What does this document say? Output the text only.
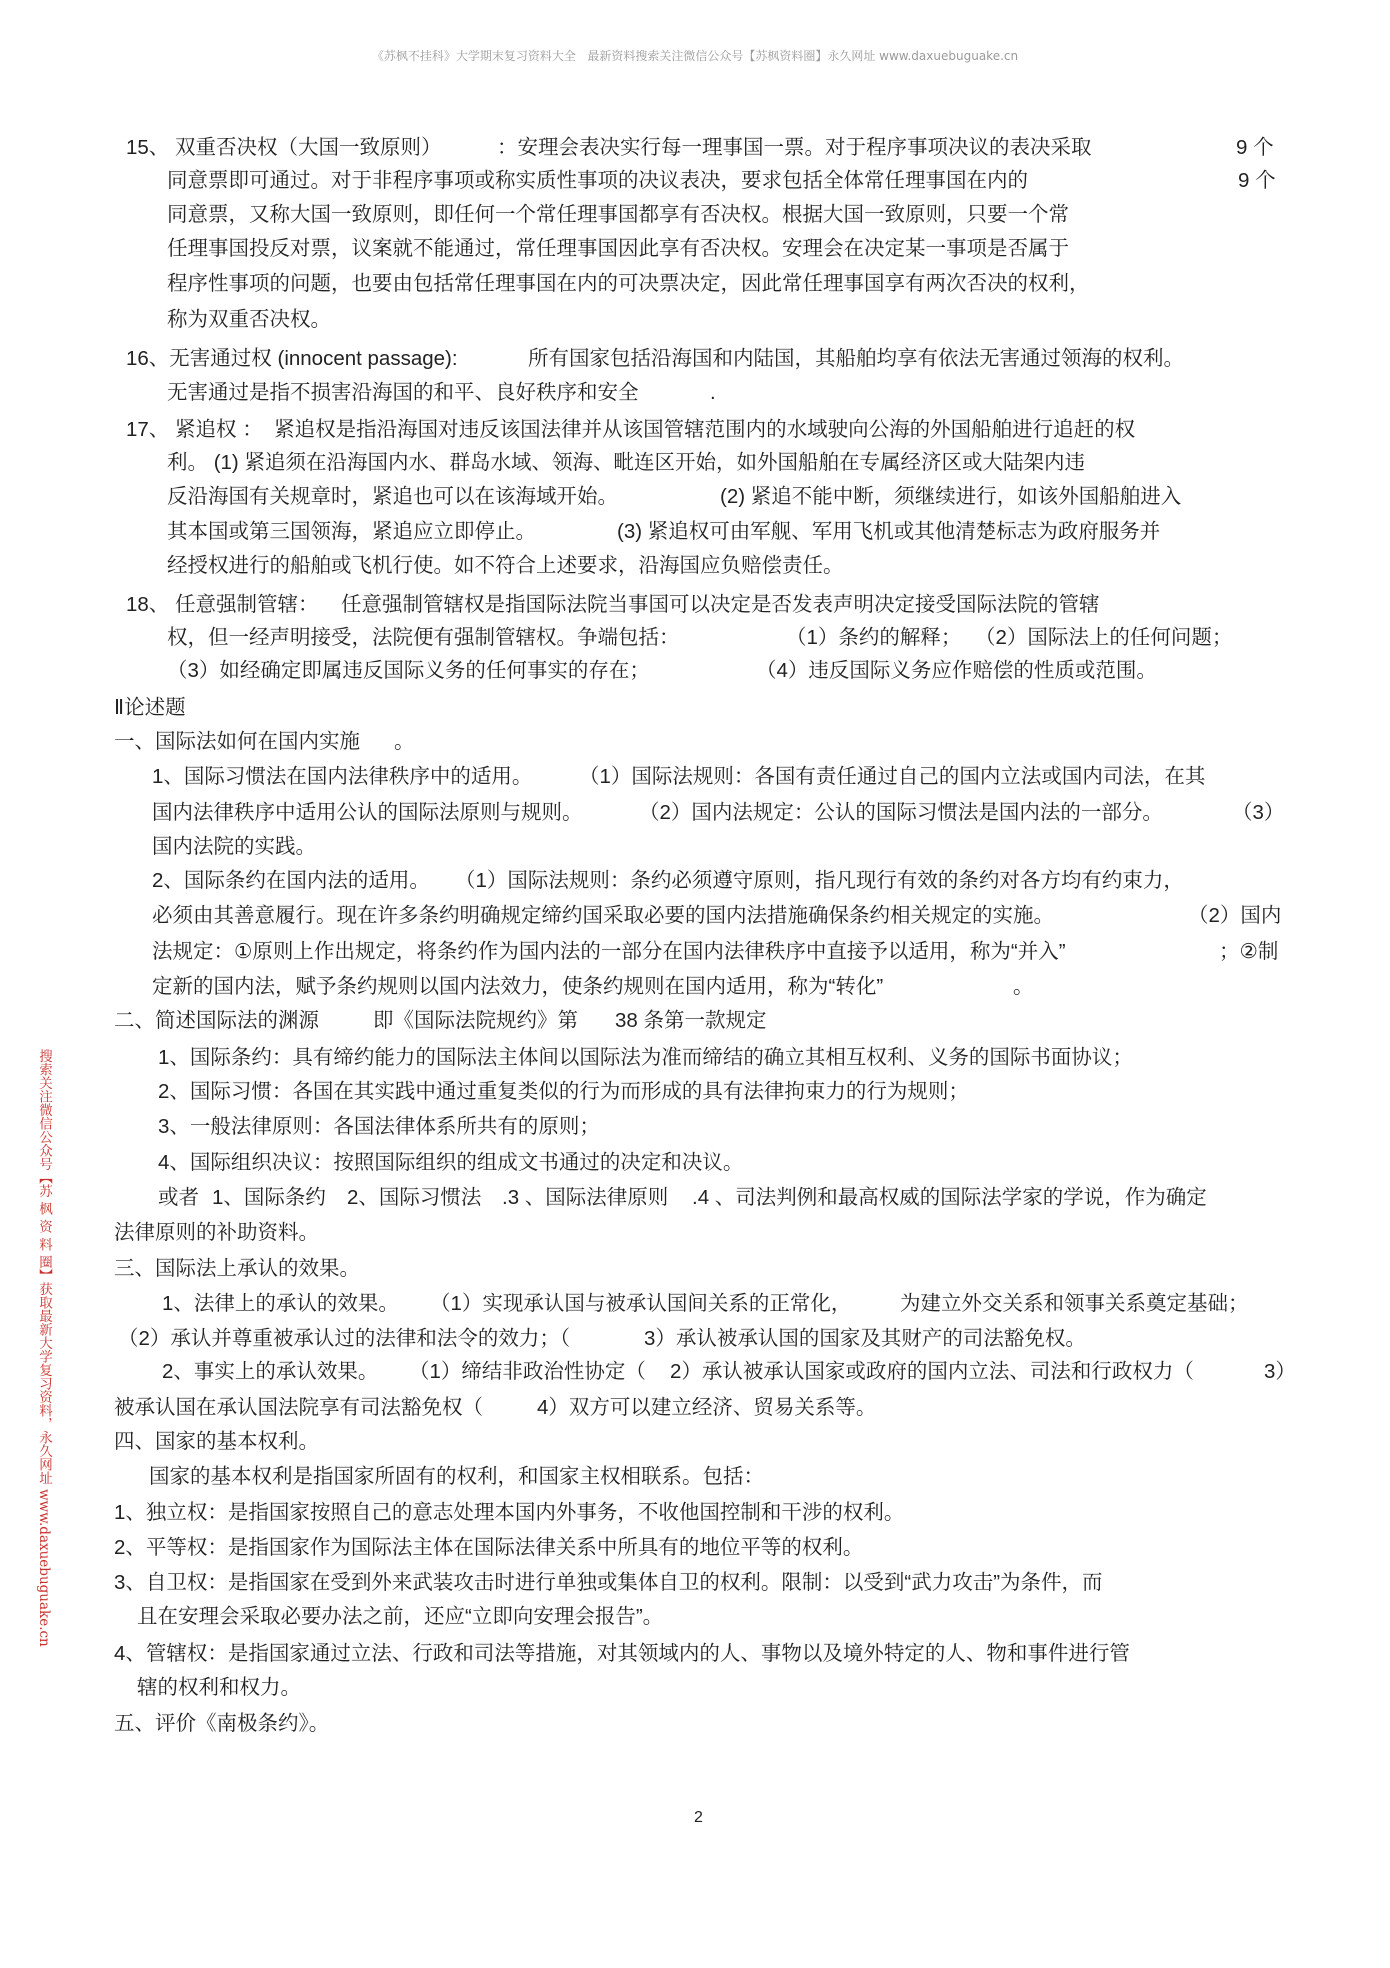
《苏枫不挂科》大学期末复习资料大全   最新资料搜索关注微信公众号【苏枫资料圈】永久网址 www.daxuebuguake.cn
搜索关注微信公众号【苏 枫 资 料 圈】获取最新大学复习资料，永久网址 www.daxuebuguake.cn
15、 双重否决权（大国一致原则）	：安理会表决实行每一理事国一票。对于程序事项决议的表决采取	9 个
同意票即可通过。对于非程序事项或称实质性事项的决议表决，要求包括全体常任理事国在内的	9 个
同意票，又称大国一致原则，即任何一个常任理事国都享有否决权。根据大国一致原则，只要一个常
任理事国投反对票，议案就不能通过，常任理事国因此享有否决权。安理会在决定某一事项是否属于
程序性事项的问题，也要由包括常任理事国在内的可决票决定，因此常任理事国享有两次否决的权利，
称为双重否决权。
16、无害通过权 (innocent passage):	所有国家包括沿海国和内陆国，其船舶均享有依法无害通过领海的权利。
无害通过是指不损害沿海国的和平、良好秩序和安全	.
17、 紧追权 ：  紧追权是指沿海国对违反该国法律并从该国管辖范围内的水域驶向公海的外国船舶进行追赶的权
利。 (1) 紧追须在沿海国内水、群岛水域、领海、毗连区开始，如外国船舶在专属经济区或大陆架内违
反沿海国有关规章时，紧追也可以在该海域开始。	(2) 紧追不能中断，须继续进行，如该外国船舶进入
其本国或第三国领海，紧追应立即停止。	(3) 紧追权可由军舰、军用飞机或其他清楚标志为政府服务并
经授权进行的船舶或飞机行使。如不符合上述要求，沿海国应负赔偿责任。
18、 任意强制管辖： 任意强制管辖权是指国际法院当事国可以决定是否发表声明决定接受国际法院的管辖
权，但一经声明接受，法院便有强制管辖权。争端包括：	（1）条约的解释； （2）国际法上的任何问题；
（3）如经确定即属违反国际义务的任何事实的存在；	（4）违反国际义务应作赔偿的性质或范围。
Ⅱ论述题
一、国际法如何在国内实施 。
1、国际习惯法在国内法律秩序中的适用。 （1）国际法规则：各国有责任通过自己的国内立法或国内司法，在其
国内法律秩序中适用公认的国际法原则与规则。	（2）国内法规定：公认的国际习惯法是国内法的一部分。	（3）
国内法院的实践。
2、国际条约在国内法的适用。 （1）国际法规则：条约必须遵守原则，指凡现行有效的条约对各方均有约束力，
必须由其善意履行。现在许多条约明确规定缔约国采取必要的国内法措施确保条约相关规定的实施。	（2）国内
法规定：①原则上作出规定，将条约作为国内法的一部分在国内法律秩序中直接予以适用，称为“并入”	；②制
定新的国内法，赋予条约规则以国内法效力，使条约规则在国内适用，称为“转化”	。
二、简述国际法的渊源	即《国际法院规约》第 38 条第一款规定
1、国际条约：具有缔约能力的国际法主体间以国际法为准而缔结的确立其相互权利、义务的国际书面协议；
2、国际习惯：各国在其实践中通过重复类似的行为而形成的具有法律拘束力的行为规则；
3、一般法律原则：各国法律体系所共有的原则；
4、国际组织决议：按照国际组织的组成文书通过的决定和决议。
或者 1、国际条约 2、国际习惯法 .3 、国际法律原则 .4 、司法判例和最高权威的国际法学家的学说，作为确定
法律原则的补助资料。
三、国际法上承认的效果。
1、法律上的承认的效果。 （1）实现承认国与被承认国间关系的正常化， 为建立外交关系和领事关系奠定基础；
（2）承认并尊重被承认过的法律和法令的效力；（	3）承认被承认国的国家及其财产的司法豁免权。
2、事实上的承认效果。 （1）缔结非政治性协定（ 2）承认被承认国家或政府的国内立法、司法和行政权力（	3）
被承认国在承认国法院享有司法豁免权（	4）双方可以建立经济、贸易关系等。
四、国家的基本权利。
国家的基本权利是指国家所固有的权利，和国家主权相联系。包括：
1、独立权：是指国家按照自己的意志处理本国内外事务，不收他国控制和干涉的权利。
2、平等权：是指国家作为国际法主体在国际法律关系中所具有的地位平等的权利。
3、自卫权：是指国家在受到外来武装攻击时进行单独或集体自卫的权利。限制：以受到“武力攻击”为条件，而
且在安理会采取必要办法之前，还应“立即向安理会报告”。
4、管辖权：是指国家通过立法、行政和司法等措施，对其领域内的人、事物以及境外特定的人、物和事件进行管
辖的权利和权力。
五、评价《南极条约》。
2
